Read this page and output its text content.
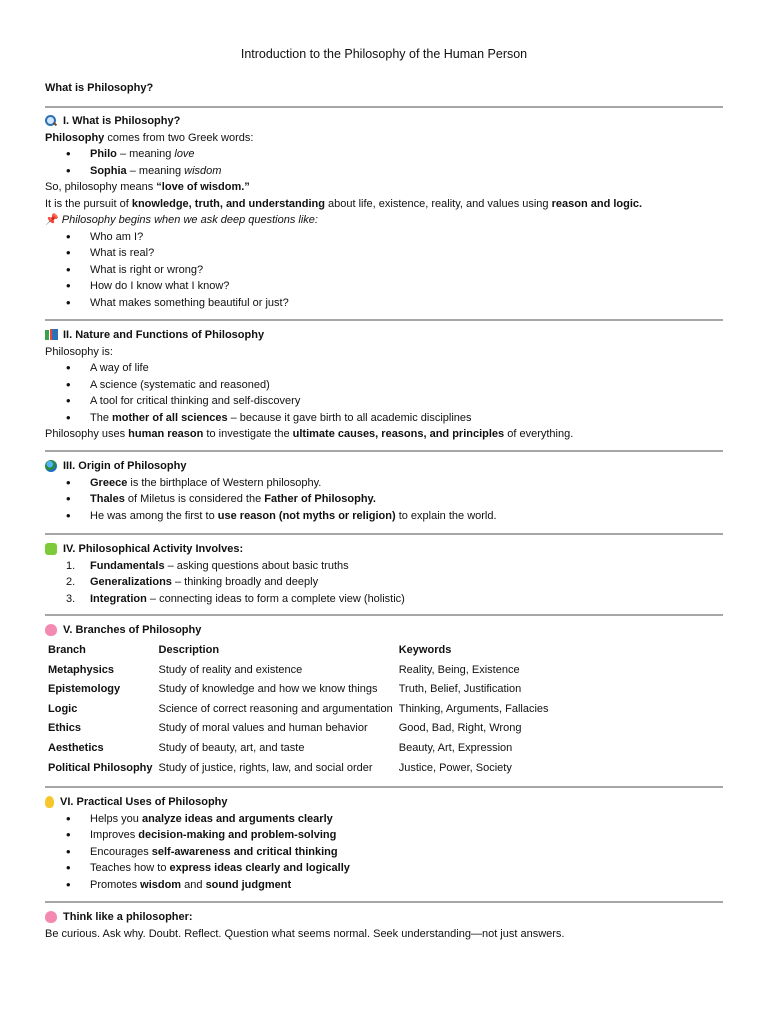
Introduction to the Philosophy of the Human Person
What is Philosophy?
I. What is Philosophy?

Philosophy comes from two Greek words:

• Philo – meaning love
• Sophia – meaning wisdom

So, philosophy means “love of wisdom.”

It is the pursuit of knowledge, truth, and understanding about life, existence, reality, and values using reason and logic.

📌 Philosophy begins when we ask deep questions like:

• Who am I?
• What is real?
• What is right or wrong?
• How do I know what I know?
• What makes something beautiful or just?
II. Nature and Functions of Philosophy

Philosophy is:

• A way of life
• A science (systematic and reasoned)
• A tool for critical thinking and self-discovery
• The mother of all sciences – because it gave birth to all academic disciplines

Philosophy uses human reason to investigate the ultimate causes, reasons, and principles of everything.

III. Origin of Philosophy
• Greece is the birthplace of Western philosophy.
• Thales of Miletus is considered the Father of Philosophy.
• He was among the first to use reason (not myths or religion) to explain the world.
IV. Philosophical Activity Involves:
1. Fundamentals – asking questions about basic truths
2. Generalizations – thinking broadly and deeply
3. Integration – connecting ideas to form a complete view (holistic)
V. Branches of Philosophy
Branch	Description	Keywords
Metaphysics	Study of reality and existence	Reality, Being, Existence
Epistemology	Study of knowledge and how we know things	Truth, Belief, Justification
Logic	Science of correct reasoning and argumentation	Thinking, Arguments, Fallacies
Ethics	Study of moral values and human behavior	Good, Bad, Right, Wrong
Aesthetics	Study of beauty, art, and taste	Beauty, Art, Expression
Political Philosophy	Study of justice, rights, law, and social order	Justice, Power, Society
VI. Practical Uses of Philosophy
• Helps you analyze ideas and arguments clearly
• Improves decision-making and problem-solving
• Encourages self-awareness and critical thinking
• Teaches how to express ideas clearly and logically
• Promotes wisdom and sound judgment
Think like a philosopher:

Be curious. Ask why. Doubt. Reflect. Question what seems normal. Seek understanding—not just answers.
